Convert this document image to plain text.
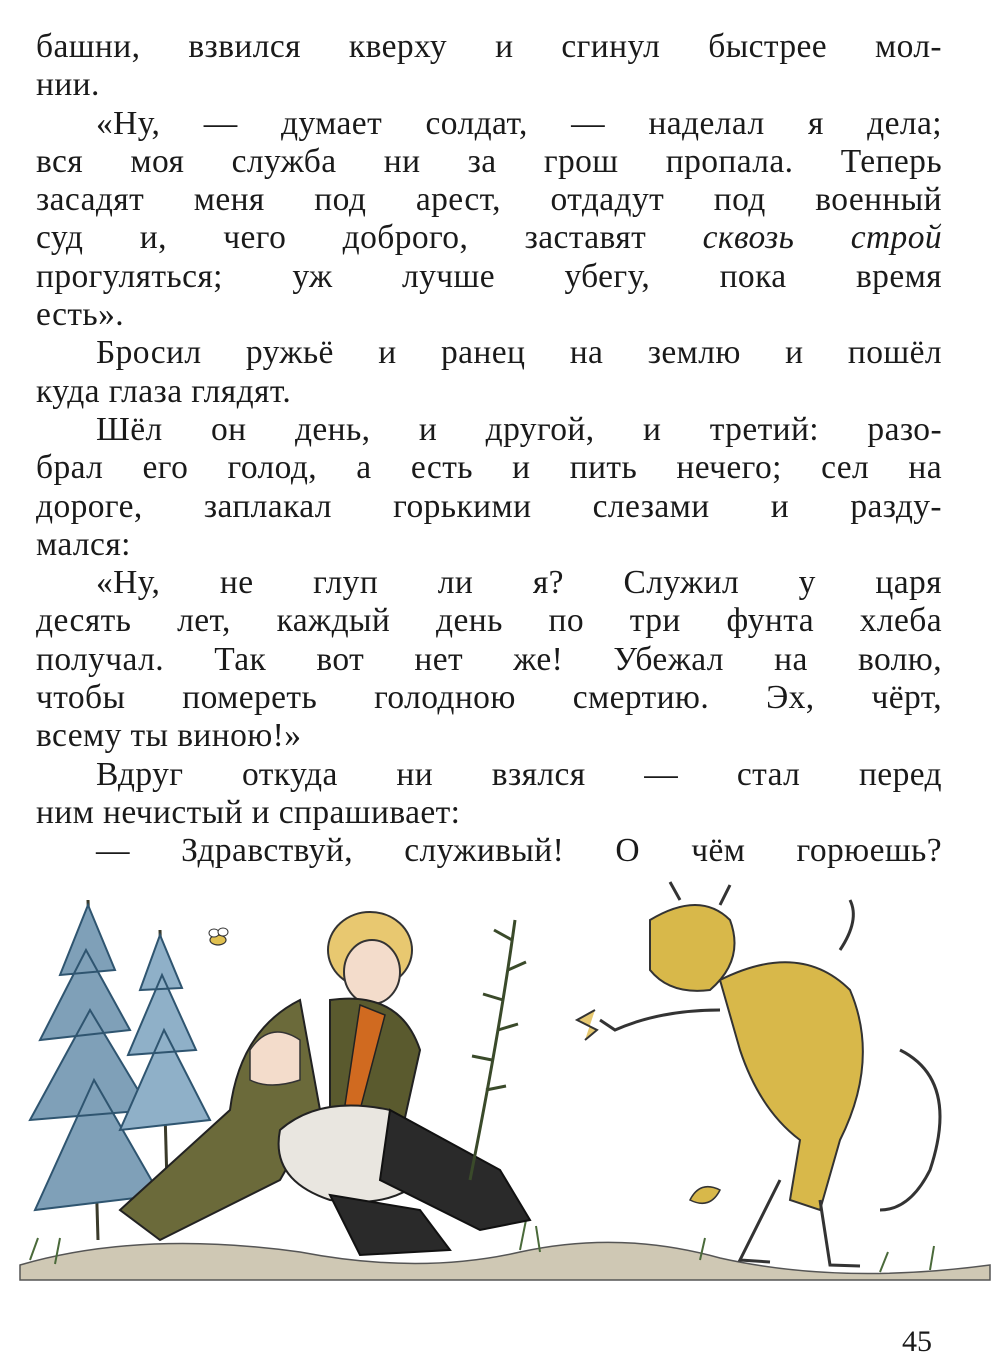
башни, взвился кверху и сгинул быстрее мол-
нии.
«Ну, — думает солдат, — наделал я дела;
вся моя служба ни за грош пропала. Теперь
засадят меня под арест, отдадут под военный
суд и, чего доброго, заставят сквозь строй
прогуляться; уж лучше убегу, пока время
есть».
Бросил ружьё и ранец на землю и пошёл
куда глаза глядят.
Шёл он день, и другой, и третий: разо-
брал его голод, а есть и пить нечего; сел на
дороге, заплакал горькими слезами и разду-
мался:
«Ну, не глуп ли я? Служил у царя
десять лет, каждый день по три фунта хлеба
получал. Так вот нет же! Убежал на волю,
чтобы помереть голодною смертию. Эх, чёрт,
всему ты виною!»
Вдруг откуда ни взялся — стал перед
ним нечистый и спрашивает:
— Здравствуй, служивый! О чём горюешь?
45
